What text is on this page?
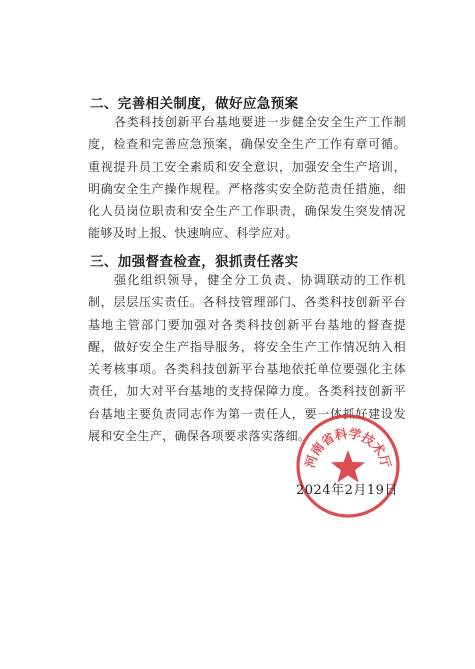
二、完善相关制度，做好应急预案
各类科技创新平台基地要进一步健全安全生产工作制度，检查和完善应急预案，确保安全生产工作有章可循。重视提升员工安全素质和安全意识，加强安全生产培训，明确安全生产操作规程。严格落实安全防范责任措施，细化人员岗位职责和安全生产工作职责，确保发生突发情况能够及时上报、快速响应、科学应对。
三、加强督查检查，狠抓责任落实
强化组织领导，健全分工负责、协调联动的工作机制，层层压实责任。各科技管理部门、各类科技创新平台基地主管部门要加强对各类科技创新平台基地的督查提醒，做好安全生产指导服务，将安全生产工作情况纳入相关考核事项。各类科技创新平台基地依托单位要强化主体责任，加大对平台基地的支持保障力度。各类科技创新平台基地主要负责同志作为第一责任人，要一体抓好建设发展和安全生产，确保各项要求落实落细。
河南省科学技术厅
2024年2月19日
